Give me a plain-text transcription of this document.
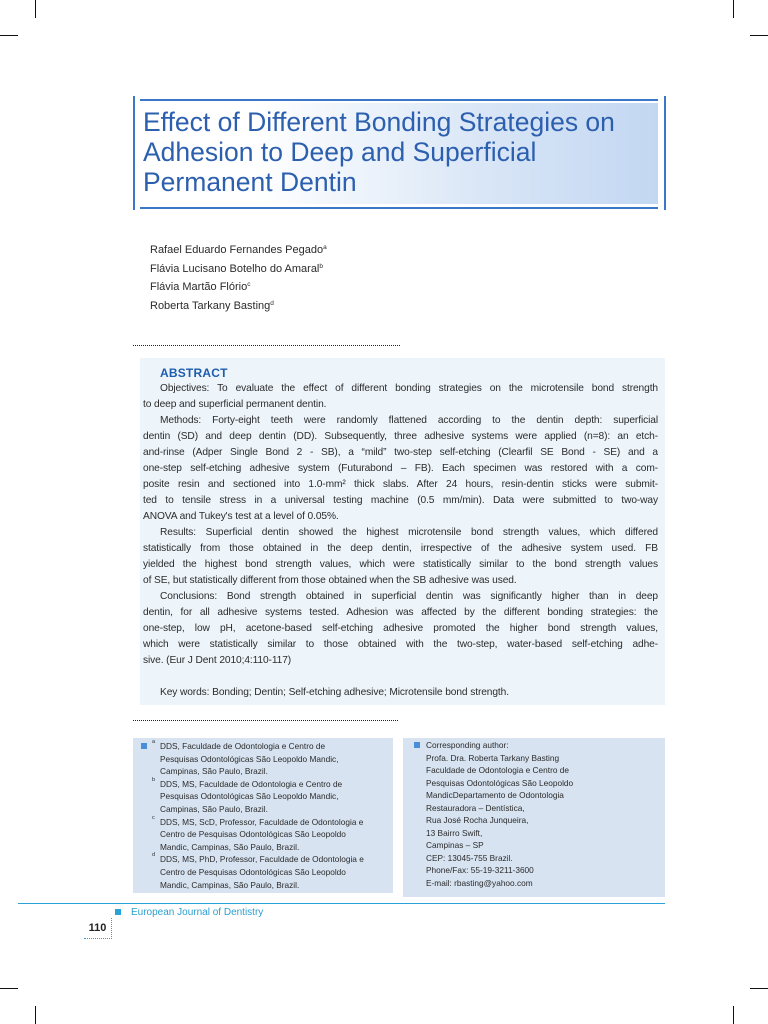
Effect of Different Bonding Strategies on
Adhesion to Deep and Superficial
Permanent Dentin
Rafael Eduardo Fernandes Pegado$^a$
Flávia Lucisano Botelho do Amaral$^b$
Flávia Martão Flório$^c$
Roberta Tarkany Basting$^d$
ABSTRACT
Objectives: To evaluate the effect of different bonding strategies on the microtensile bond strength
to deep and superficial permanent dentin.
Methods: Forty-eight teeth were randomly flattened according to the dentin depth: superficial
dentin (SD) and deep dentin (DD). Subsequently, three adhesive systems were applied (n=8): an etch-
and-rinse (Adper Single Bond 2 - SB), a “mild” two-step self-etching (Clearfil SE Bond - SE) and a
one-step self-etching adhesive system (Futurabond – FB). Each specimen was restored with a com-
posite resin and sectioned into 1.0-mm² thick slabs. After 24 hours, resin-dentin sticks were submit-
ted to tensile stress in a universal testing machine (0.5 mm/min). Data were submitted to two-way
ANOVA and Tukey's test at a level of 0.05%.
Results: Superficial dentin showed the highest microtensile bond strength values, which differed
statistically from those obtained in the deep dentin, irrespective of the adhesive system used. FB
yielded the highest bond strength values, which were statistically similar to the bond strength values
of SE, but statistically different from those obtained when the SB adhesive was used.
Conclusions: Bond strength obtained in superficial dentin was significantly higher than in deep
dentin, for all adhesive systems tested. Adhesion was affected by the different bonding strategies: the
one-step, low pH, acetone-based self-etching adhesive promoted the higher bond strength values,
which were statistically similar to those obtained with the two-step, water-based self-etching adhe-
sive. (Eur J Dent 2010;4:110-117)
Key words: Bonding; Dentin; Self-etching adhesive; Microtensile bond strength.
a DDS, Faculdade de Odontologia e Centro de
Pesquisas Odontológicas São Leopoldo Mandic,
Campinas, São Paulo, Brazil.
b DDS, MS, Faculdade de Odontologia e Centro de
Pesquisas Odontológicas São Leopoldo Mandic,
Campinas, São Paulo, Brazil.
c DDS, MS, ScD, Professor, Faculdade de Odontologia e
Centro de Pesquisas Odontológicas São Leopoldo
Mandic, Campinas, São Paulo, Brazil.
d DDS, MS, PhD, Professor, Faculdade de Odontologia e
Centro de Pesquisas Odontológicas São Leopoldo
Mandic, Campinas, São Paulo, Brazil.
Corresponding author:
Profa. Dra. Roberta Tarkany Basting
Faculdade de Odontologia e Centro de
Pesquisas Odontológicas São Leopoldo
MandicDepartamento de Odontologia
Restauradora – Dentística,
Rua José Rocha Junqueira,
13 Bairro Swift,
Campinas – SP
CEP: 13045-755 Brazil.
Phone/Fax: 55-19-3211-3600
E-mail: rbasting@yahoo.com
European Journal of Dentistry
110
